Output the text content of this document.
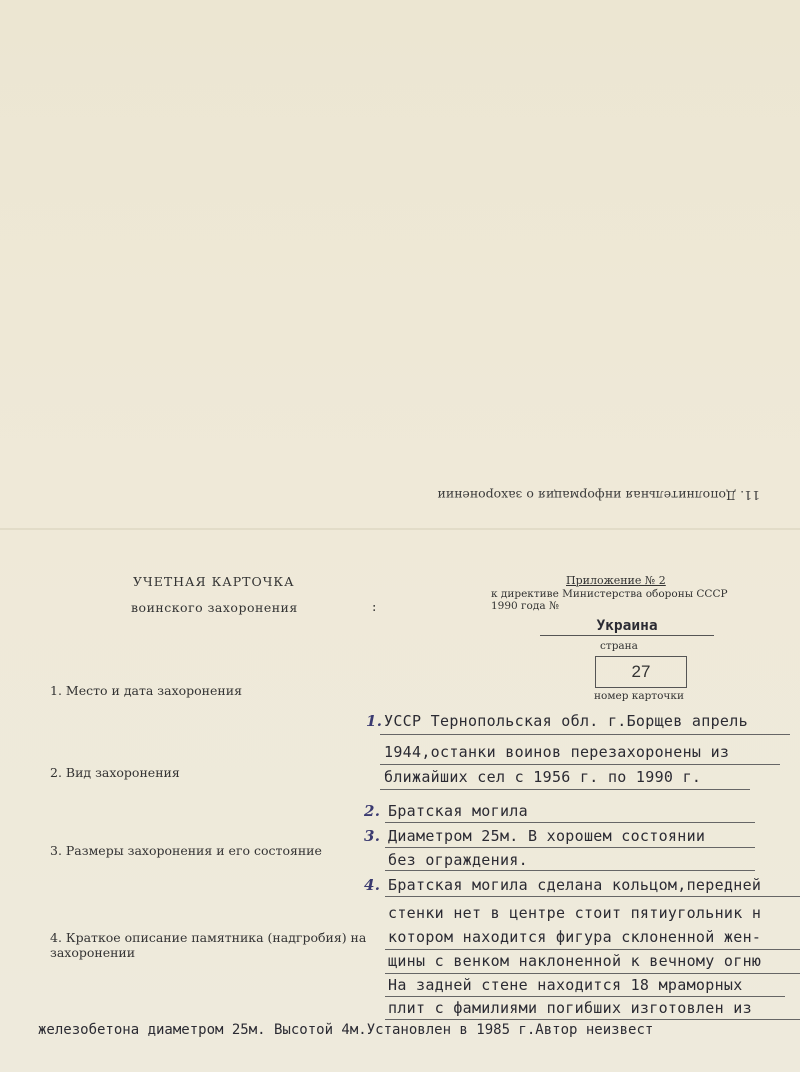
11. Дополнительная информация о захоронении
УЧЕТНАЯ КАРТОЧКА
воинского захоронения	:
Приложение № 2
к директиве Министерства обороны СССР
1990 года №
Украина
страна
27
номер карточки
1. Место и дата захоронения
2. Вид захоронения
3. Размеры захоронения и его состояние
4. Краткое описание памятника (надгробия) на захоронении
1. УССР Тернопольская обл. г.Борщев апрель
1944,останки воинов перезахоронены из
ближайших сел с 1956 г. по 1990 г.
2. Братская могила
3. Диаметром 25м. В хорошем состоянии
без ограждения.
4. Братская могила сделана кольцом,передней
стенки нет в центре стоит пятиугольник н
котором находится фигура склоненной жен-
щины с венком наклоненной к вечному огню
На задней стене находится 18 мраморных
плит с фамилиями погибших изготовлен из
железобетона диаметром 25м. Высотой 4м.Установлен в 1985 г.Автор неизвест
